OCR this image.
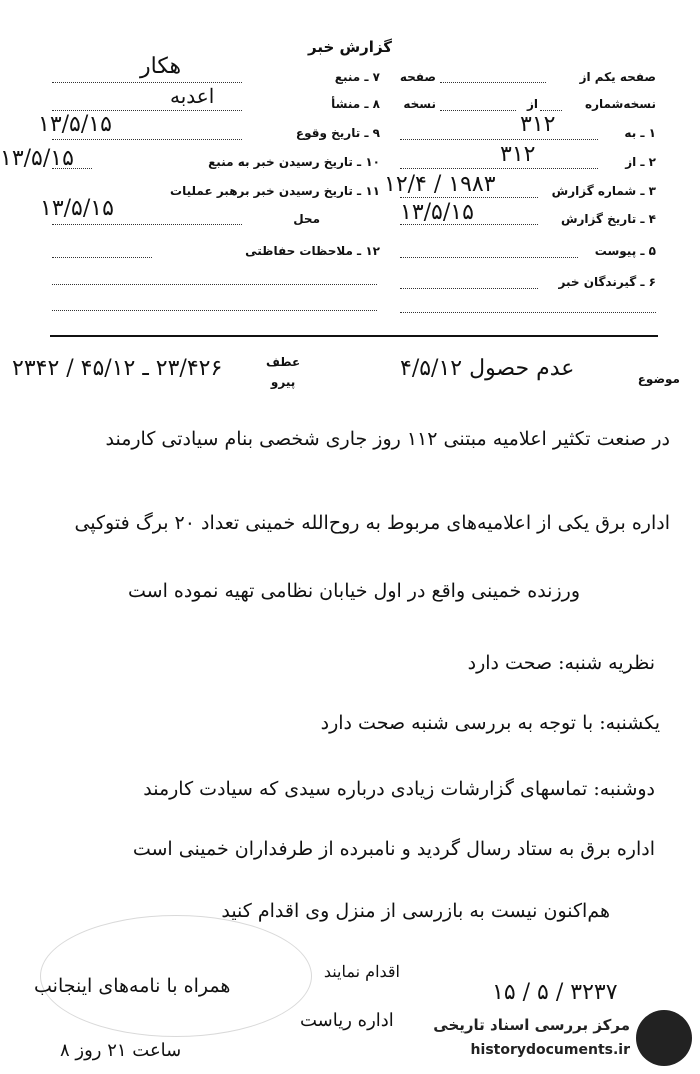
گزارش خبر
۷ ـ منبع
هکار
۸ ـ منشأ
اعدبه
۹ ـ تاریخ وقوع
۱۳/۵/۱۵
۱۰ ـ تاریخ رسیدن خبر به منبع
۱۳/۵/۱۵
۱۱ ـ تاریخ رسیدن خبر برهبر عملیات
محل
۱۳/۵/۱۵
۱۲ ـ ملاحظات حفاظتی
صفحه یکم از
صفحه
نسخه‌شماره
از
نسخه
۱ ـ به
۳۱۲
۲ ـ از
۳۱۲
۳ ـ شماره گزارش
۱۲/۴ / ۱۹۸۳
۴ ـ تاریخ گزارش
۱۳/۵/۱۵
۵ ـ پیوست
۶ ـ گیرندگان خبر
موضوع
عدم حصول ۴/۵/۱۲
عطف
پیرو
۲۳/۴۲۶ ـ ۴۵/۱۲ / ۲۳۴۲
در صنعت تکثیر اعلامیه مبتنی ۱۱۲ روز جاری شخصی بنام سیادتی کارمند
اداره برق یکی از اعلامیه‌های مربوط به روح‌الله خمینی تعداد ۲۰ برگ فتوکپی
ورزنده خمینی واقع در اول خیابان نظامی تهیه نموده است
نظریه شنبه: صحت دارد
یکشنبه: با توجه به بررسی شنبه صحت دارد
دوشنبه: تماسهای گزارشات زیادی درباره سیدی که سیادت کارمند
اداره برق به ستاد رسال گردید و نامبرده از طرفداران خمینی است
هم‌اکنون نیست به بازرسی از منزل وی اقدام کنید
اقدام نمایند
همراه با نامه‌های اینجانب	۱۵ / ۵ / ۳۲۳۷
اداره ریاست
ساعت ۲۱ روز ۸
مرکز بررسی اسناد تاریخی
historydocuments.ir
